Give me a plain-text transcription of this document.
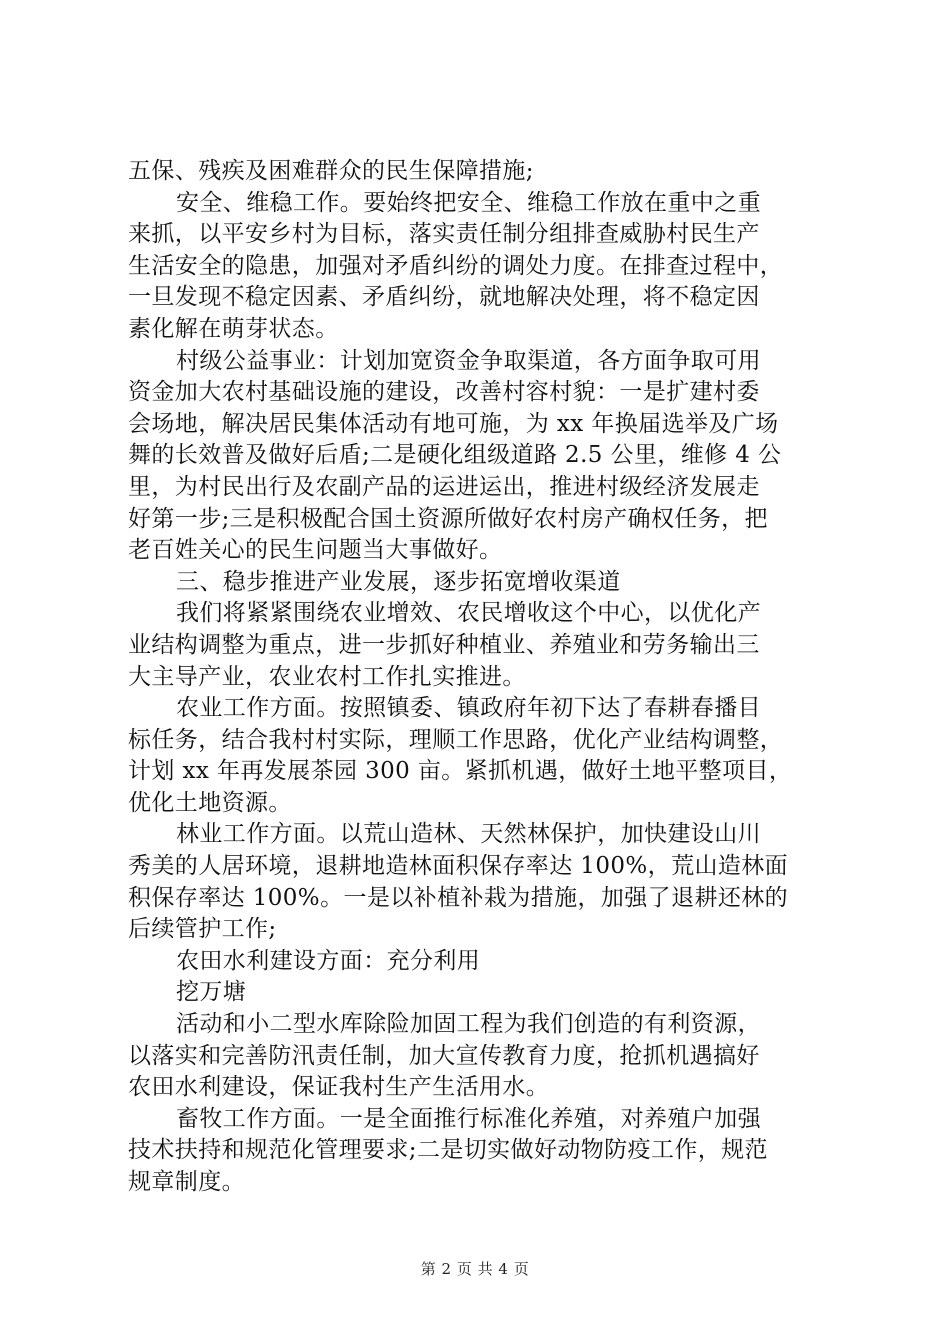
五保、残疾及困难群众的民生保障措施;
安全、维稳工作。要始终把安全、维稳工作放在重中之重
来抓，以平安乡村为目标，落实责任制分组排查威胁村民生产
生活安全的隐患，加强对矛盾纠纷的调处力度。在排查过程中，
一旦发现不稳定因素、矛盾纠纷，就地解决处理，将不稳定因
素化解在萌芽状态。
村级公益事业：计划加宽资金争取渠道，各方面争取可用
资金加大农村基础设施的建设，改善村容村貌：一是扩建村委
会场地，解决居民集体活动有地可施，为 xx 年换届选举及广场
舞的长效普及做好后盾;二是硬化组级道路 2.5 公里，维修 4 公
里，为村民出行及农副产品的运进运出，推进村级经济发展走
好第一步;三是积极配合国土资源所做好农村房产确权任务，把
老百姓关心的民生问题当大事做好。
三、稳步推进产业发展，逐步拓宽增收渠道
我们将紧紧围绕农业增效、农民增收这个中心，以优化产
业结构调整为重点，进一步抓好种植业、养殖业和劳务输出三
大主导产业，农业农村工作扎实推进。
农业工作方面。按照镇委、镇政府年初下达了春耕春播目
标任务，结合我村村实际，理顺工作思路，优化产业结构调整，
计划 xx 年再发展茶园 300 亩。紧抓机遇，做好土地平整项目，
优化土地资源。
林业工作方面。以荒山造林、天然林保护，加快建设山川
秀美的人居环境，退耕地造林面积保存率达 100%，荒山造林面
积保存率达 100%。一是以补植补栽为措施，加强了退耕还林的
后续管护工作;
农田水利建设方面：充分利用
挖万塘
活动和小二型水库除险加固工程为我们创造的有利资源，
以落实和完善防汛责任制，加大宣传教育力度，抢抓机遇搞好
农田水利建设，保证我村生产生活用水。
畜牧工作方面。一是全面推行标准化养殖，对养殖户加强
技术扶持和规范化管理要求;二是切实做好动物防疫工作，规范
规章制度。
第 2 页 共 4 页
